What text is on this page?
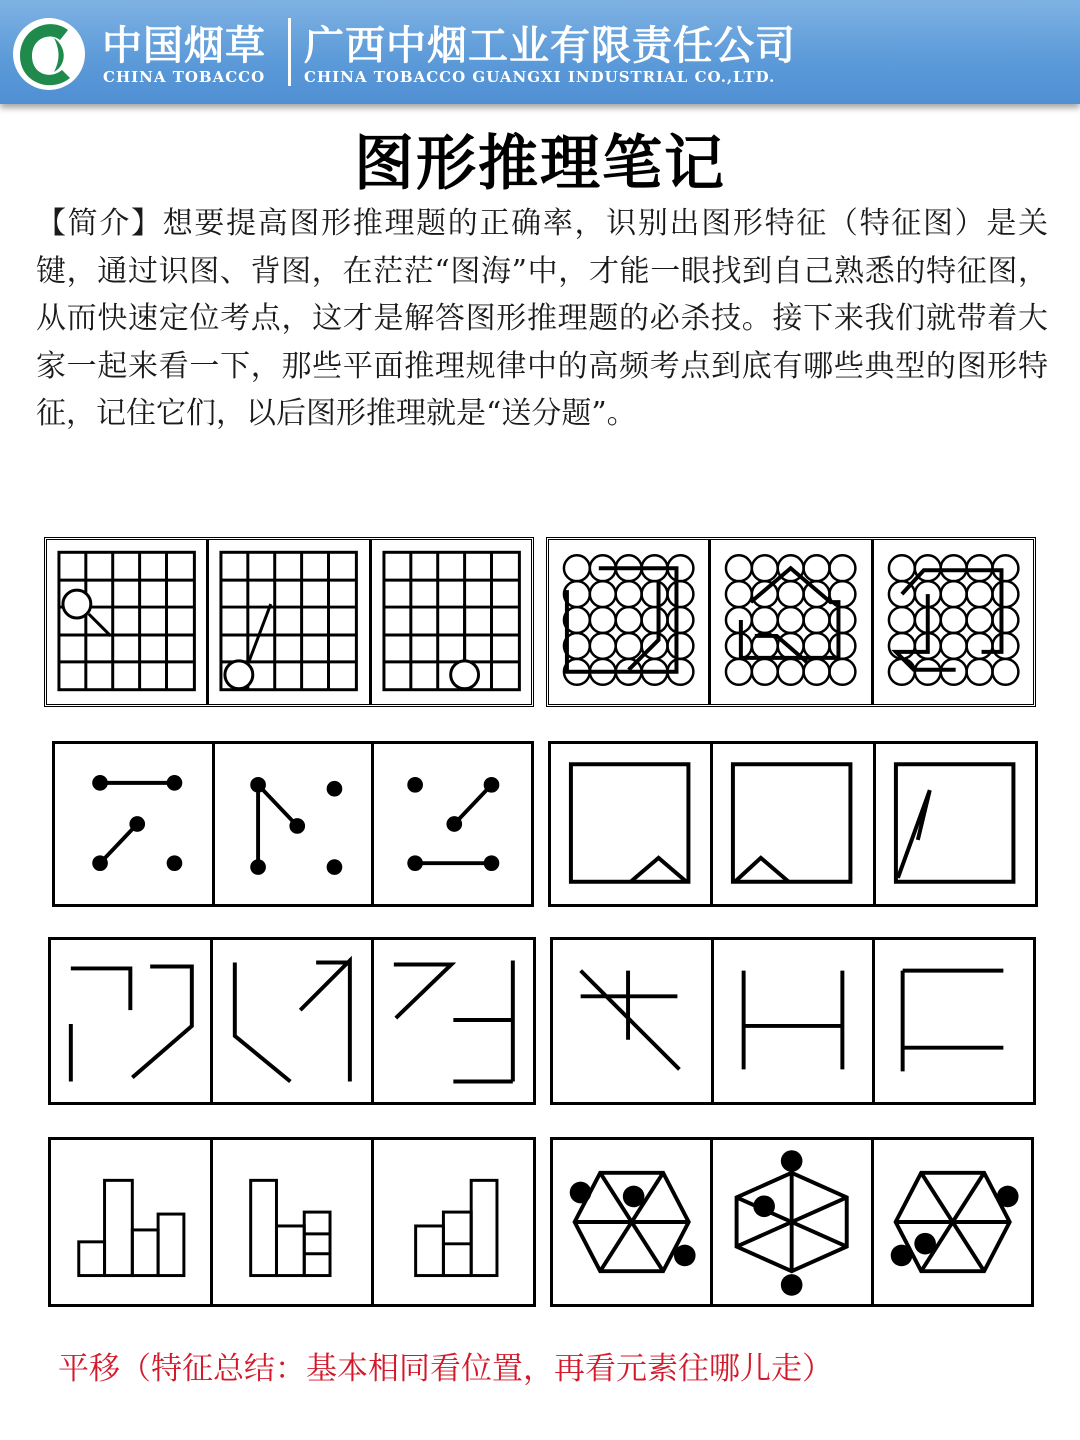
中国烟草
CHINA TOBACCO
广西中烟工业有限责任公司
CHINA TOBACCO GUANGXI INDUSTRIAL CO.,LTD.
图形推理笔记

【简介】想要提高图形推理题的正确率，识别出图形特征（特征图）是关键，通过识图、背图，在茫茫“图海”中，才能一眼找到自己熟悉的特征图，从而快速定位考点，这才是解答图形推理题的必杀技。接下来我们就带着大家一起来看一下，那些平面推理规律中的高频考点到底有哪些典型的图形特征，记住它们，以后图形推理就是“送分题”。

平移（特征总结：基本相同看位置，再看元素往哪儿走）
